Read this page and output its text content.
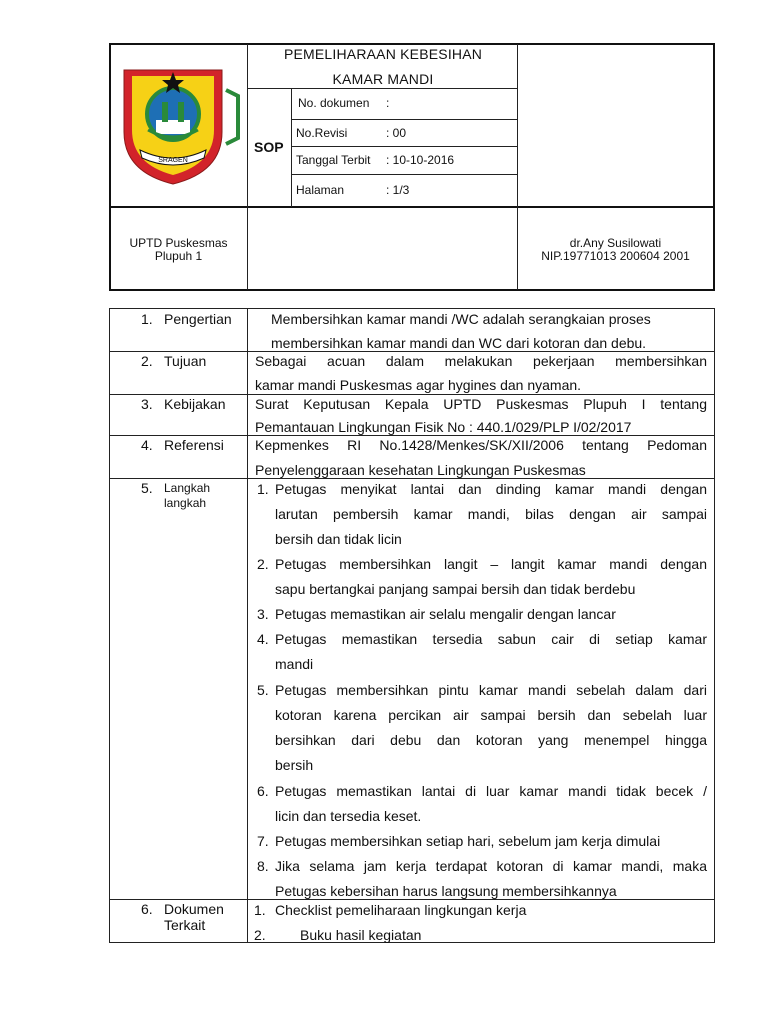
SRAGEN
PEMELIHARAAN KEBESIHAN
KAMAR MANDI
SOP
No. dokumen :
No.Revisi	: 00
Tanggal Terbit : 10-10-2016
Halaman	: 1/3
UPTD Puskesmas
Plupuh 1
dr.Any Susilowati
NIP.19771013 200604 2001
1. Pengertian	Membersihkan kamar mandi /WC adalah serangkaian proses
membersihkan kamar mandi dan WC dari kotoran dan debu.
2. Tujuan	Sebagai acuan dalam melakukan pekerjaan membersihkan
kamar mandi Puskesmas agar hygines dan nyaman.
3. Kebijakan Surat Keputusan Kepala UPTD Puskesmas Plupuh I tentang
Pemantauan Lingkungan Fisik No : 440.1/029/PLP I/02/2017
4. Referensi Kepmenkes RI No.1428/Menkes/SK/XII/2006 tentang Pedoman
Penyelenggaraan kesehatan Lingkungan Puskesmas
5. Langkah
langkah
1. Petugas menyikat lantai dan dinding kamar mandi dengan
larutan pembersih kamar mandi, bilas dengan air sampai
bersih dan tidak licin
2. Petugas membersihkan langit – langit kamar mandi dengan
sapu bertangkai panjang sampai bersih dan tidak berdebu
3. Petugas memastikan air selalu mengalir dengan lancar
4. Petugas memastikan tersedia sabun cair di setiap kamar
mandi
5. Petugas membersihkan pintu kamar mandi sebelah dalam dari
kotoran karena percikan air sampai bersih dan sebelah luar
bersihkan dari debu dan kotoran yang menempel hingga
bersih
6. Petugas memastikan lantai di luar kamar mandi tidak becek /
licin dan tersedia keset.
7. Petugas membersihkan setiap hari, sebelum jam kerja dimulai
8. Jika selama jam kerja terdapat kotoran di kamar mandi, maka
Petugas kebersihan harus langsung membersihkannya
6. Dokumen
Terkait
1. Checklist pemeliharaan lingkungan kerja
2. Buku hasil kegiatan
